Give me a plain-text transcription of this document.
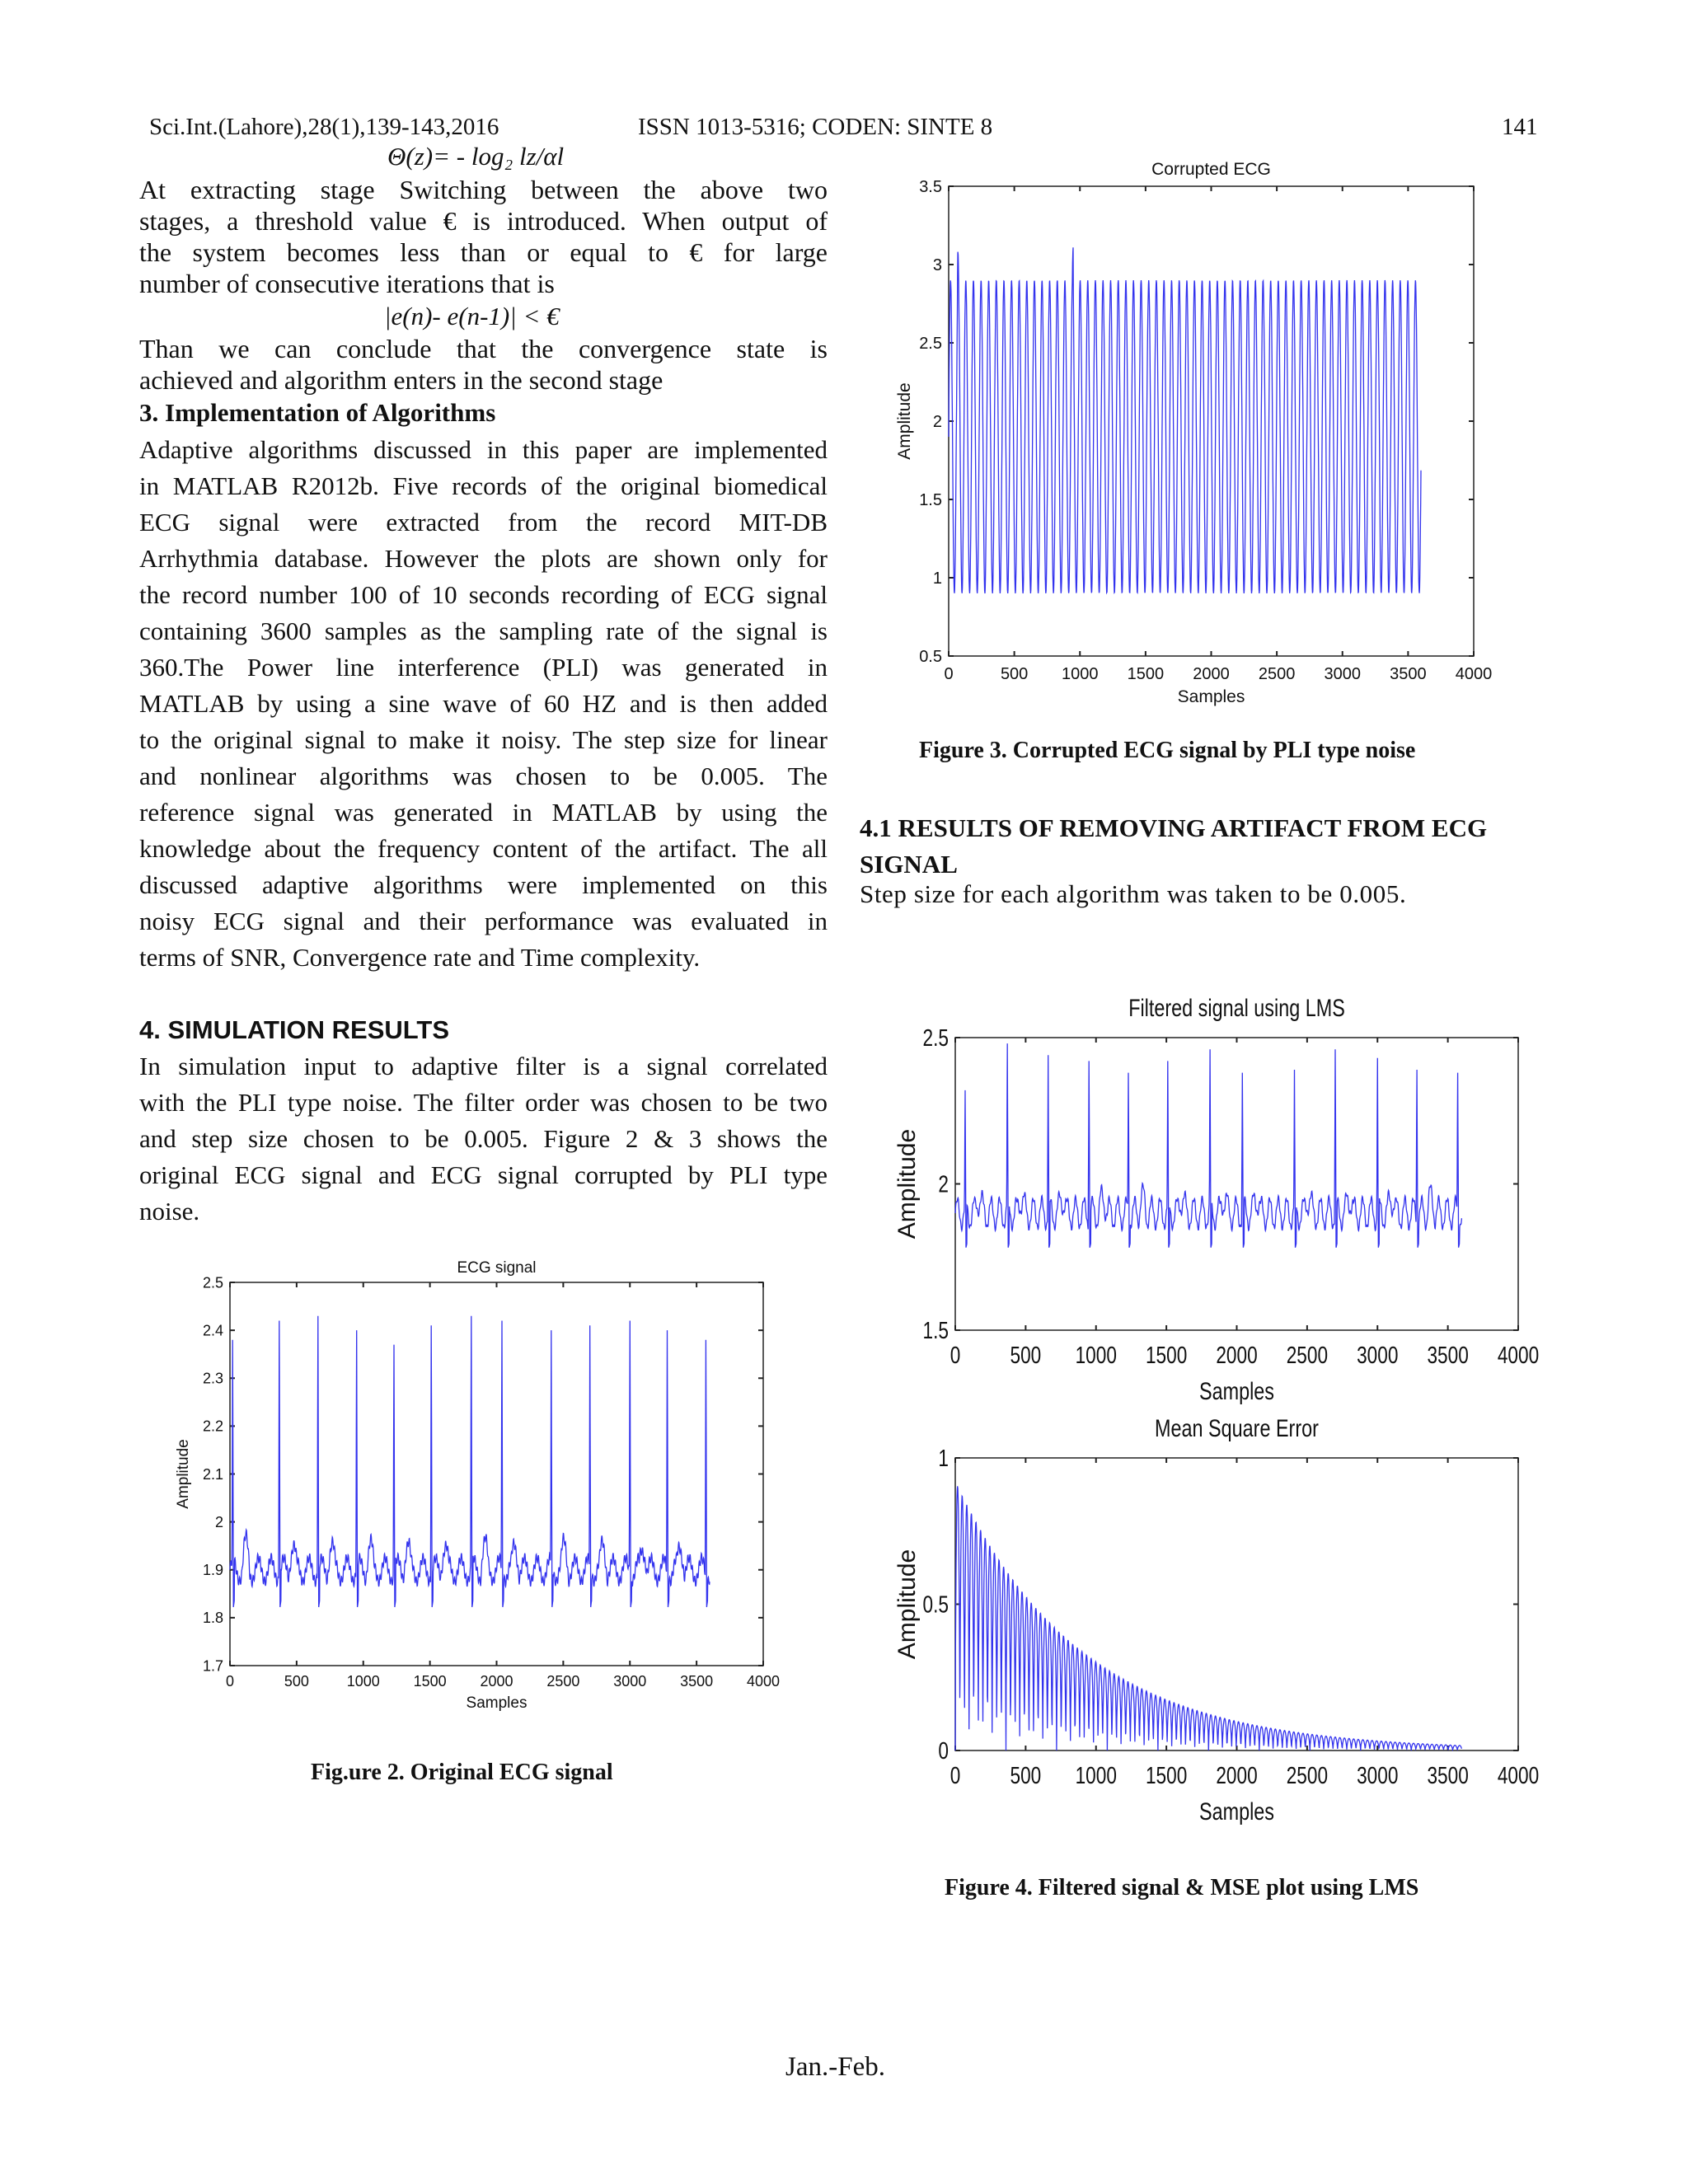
Sci.Int.(Lahore),28(1),139-143,2016	ISSN 1013-5316; CODEN: SINTE 8	141
Θ(z)= - log₂ lz/αl
At extracting stage Switching between the above two
stages, a threshold value € is introduced. When output of
the system becomes less than or equal to € for large
number of consecutive iterations that is
|e(n)- e(n-1)| < €
Than we can conclude that the convergence state is
achieved and algorithm enters in the second stage
3. Implementation of Algorithms
Adaptive algorithms discussed in this paper are implemented
in MATLAB R2012b. Five records of the original biomedical
ECG signal were extracted from the record MIT-DB
Arrhythmia database. However the plots are shown only for
the record number 100 of 10 seconds recording of ECG signal
containing 3600 samples as the sampling rate of the signal is
360.The Power line interference (PLI) was generated in
MATLAB by using a sine wave of 60 HZ and is then added
to the original signal to make it noisy. The step size for linear
and nonlinear algorithms was chosen to be 0.005. The
reference signal was generated in MATLAB by using the
knowledge about the frequency content of the artifact. The all
discussed adaptive algorithms were implemented on this
noisy ECG signal and their performance was evaluated in
terms of SNR, Convergence rate and Time complexity.
4. SIMULATION RESULTS
In simulation input to adaptive filter is a signal correlated
with the PLI type noise. The filter order was chosen to be two
and step size chosen to be 0.005. Figure 2 & 3 shows the
original ECG signal and ECG signal corrupted by PLI type
noise.
Fig.ure 2. Original ECG signal
Figure 3. Corrupted ECG signal by PLI type noise
4.1 RESULTS OF REMOVING ARTIFACT FROM ECG
SIGNAL
Step size for each algorithm was taken to be 0.005.
Figure 4. Filtered signal & MSE plot using LMS
Jan.-Feb.
0	500	1000 1500 2000 2500 3000 3500 4000
1.7
1.8
1.9
2
2.1
2.2
2.3
2.4
2.5
ECG signal
Samples
Amplitude
0	500 1000 1500 2000 2500 3000 3500 4000
0.5
1
1.5
2
2.5
3
3.5
Corrupted ECG
Samples
Amplitude
0 500 1000 1500 2000 2500 3000 3500 4000
1.5
2
2.5
Filtered signal using LMS
Samples
Amplitude
0 500 1000 1500 2000 2500 3000 3500 4000
0
0.5
1
Mean Square Error
Samples
Amplitude
